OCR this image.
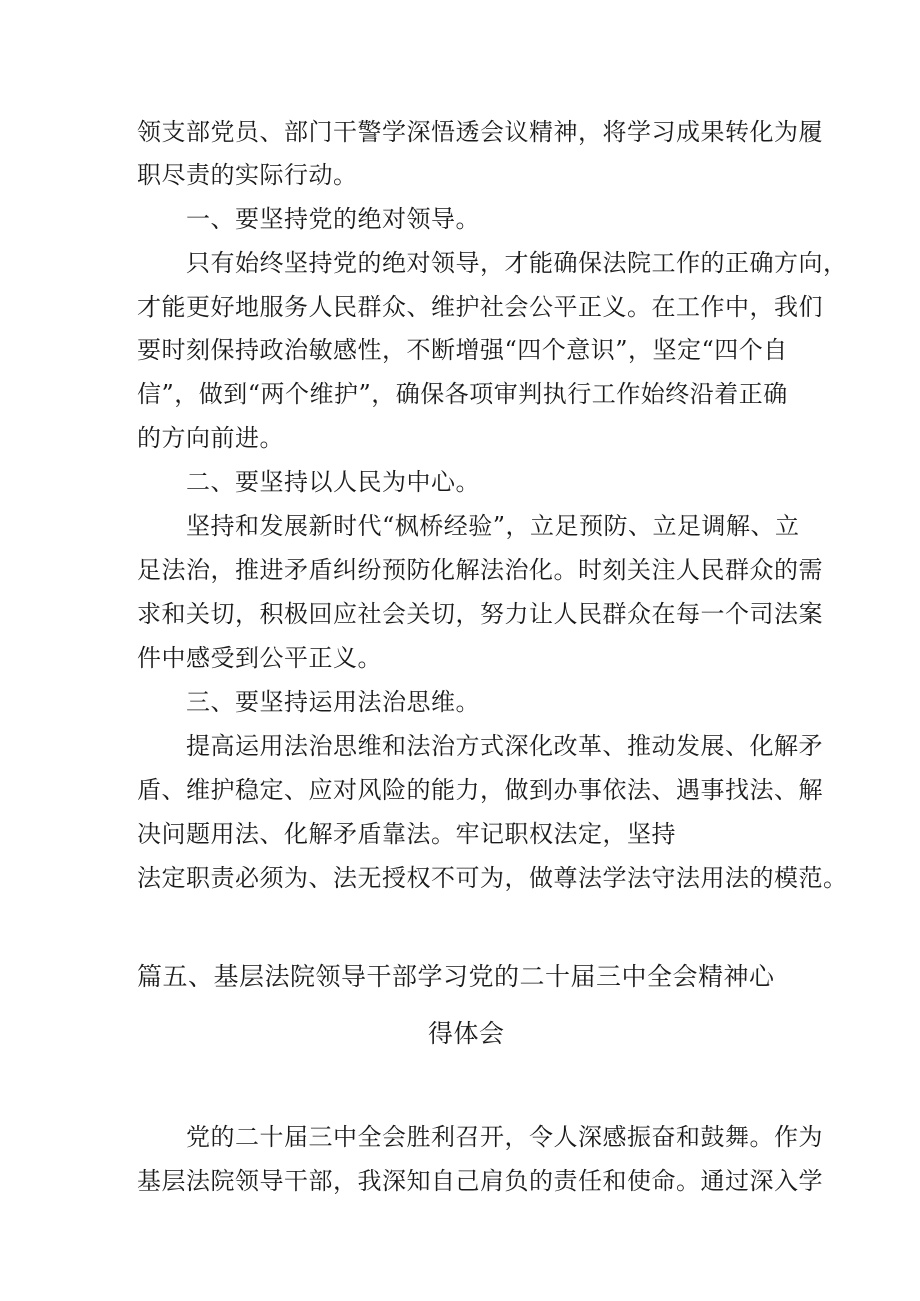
领支部党员、部门干警学深悟透会议精神，将学习成果转化为履
职尽责的实际行动。
一、要坚持党的绝对领导。
只有始终坚持党的绝对领导，才能确保法院工作的正确方向，
才能更好地服务人民群众、维护社会公平正义。在工作中，我们
要时刻保持政治敏感性，不断增强“四个意识”，坚定“四个自
信”，做到“两个维护”，确保各项审判执行工作始终沿着正确
的方向前进。
二、要坚持以人民为中心。
坚持和发展新时代“枫桥经验”，立足预防、立足调解、立
足法治，推进矛盾纠纷预防化解法治化。时刻关注人民群众的需
求和关切，积极回应社会关切，努力让人民群众在每一个司法案
件中感受到公平正义。
三、要坚持运用法治思维。
提高运用法治思维和法治方式深化改革、推动发展、化解矛
盾、维护稳定、应对风险的能力，做到办事依法、遇事找法、解
决问题用法、化解矛盾靠法。牢记职权法定，坚持
法定职责必须为、法无授权不可为，做尊法学法守法用法的模范。
篇五、基层法院领导干部学习党的二十届三中全会精神心
得体会
党的二十届三中全会胜利召开，令人深感振奋和鼓舞。作为
基层法院领导干部，我深知自己肩负的责任和使命。通过深入学
